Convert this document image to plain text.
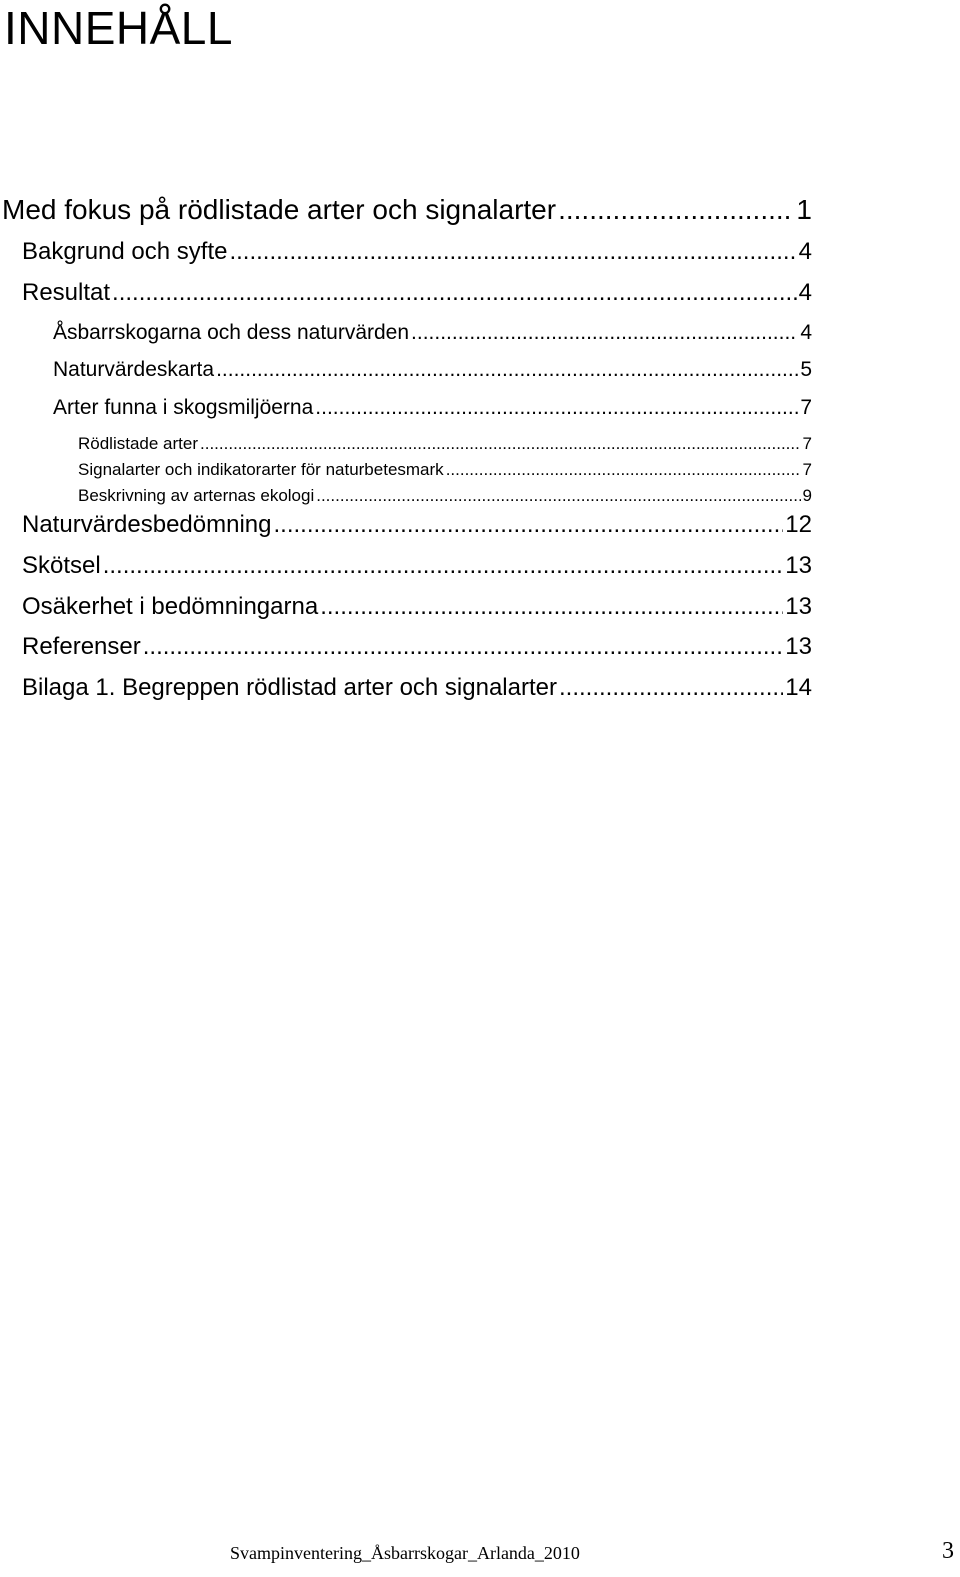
INNEHÅLL
Med fokus på rödlistade arter och signalarter .....	1
Bakgrund och syfte .....	4
Resultat .....	4
Åsbarrskogarna och dess naturvärden .....	4
Naturvärdeskarta .....	5
Arter funna i skogsmiljöerna .....	7
Rödlistade arter .....	7
Signalarter och indikatorarter för naturbetesmark .....	7
Beskrivning av arternas ekologi .....	9
Naturvärdesbedömning .....	12
Skötsel .....	13
Osäkerhet i bedömningarna .....	13
Referenser .....	13
Bilaga 1. Begreppen rödlistad arter och signalarter .....	14
Svampinventering_Åsbarrskogar_Arlanda_2010	3
